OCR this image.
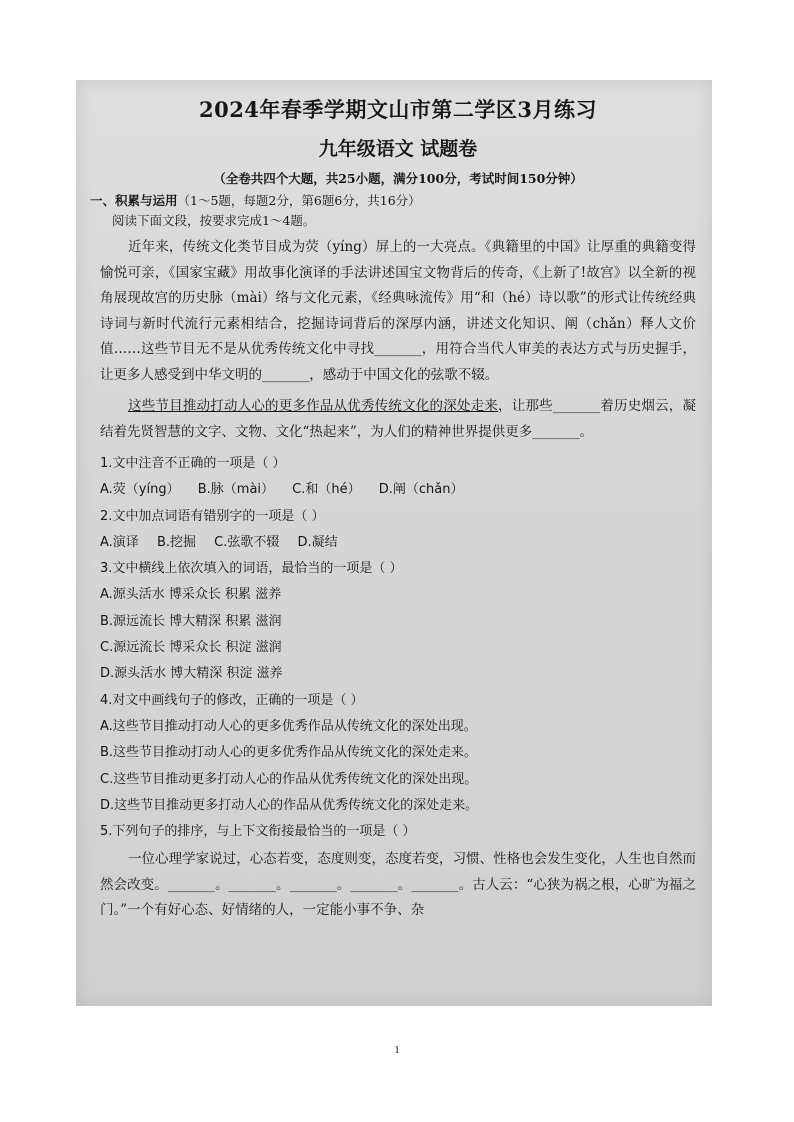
2024年春季学期文山市第二学区3月练习
九年级语文 试题卷
（全卷共四个大题，共25小题，满分100分，考试时间150分钟）
一、积累与运用（1～5题，每题2分，第6题6分，共16分）
阅读下面文段，按要求完成1～4题。
近年来，传统文化类节目成为荧（yíng）屏上的一大亮点。《典籍里的中国》让厚重的典籍变得愉悦可亲，《国家宝藏》用故事化演译的手法讲述国宝文物背后的传奇，《上新了!故宫》以全新的视角展现故宫的历史脉（mài）络与文化元素，《经典咏流传》用“和（hé）诗以歌”的形式让传统经典诗词与新时代流行元素相结合，挖掘诗词背后的深厚内涵，讲述文化知识、阐（chǎn）释人文价值……这些节目无不是从优秀传统文化中寻找_______，用符合当代人审美的表达方式与历史握手，让更多人感受到中华文明的_______，感动于中国文化的弦歌不辍。
这些节目推动打动人心的更多作品从优秀传统文化的深处走来，让那些_______着历史烟云，凝结着先贤智慧的文字、文物、文化“热起来”，为人们的精神世界提供更多_______。
1.文中注音不正确的一项是（ ）
A.荧（yíng） B.脉（mài） C.和（hé） D.阐（chǎn）
2.文中加点词语有错别字的一项是（ ）
A.演译 B.挖掘 C.弦歌不辍 D.凝结
3.文中横线上依次填入的词语，最恰当的一项是（ ）
A.源头活水 博采众长 积累 滋养
B.源远流长 博大精深 积累 滋润
C.源远流长 博采众长 积淀 滋润
D.源头活水 博大精深 积淀 滋养
4.对文中画线句子的修改，正确的一项是（ ）
A.这些节目推动打动人心的更多优秀作品从传统文化的深处出现。
B.这些节目推动打动人心的更多优秀作品从传统文化的深处走来。
C.这些节目推动更多打动人心的作品从优秀传统文化的深处出现。
D.这些节目推动更多打动人心的作品从优秀传统文化的深处走来。
5.下列句子的排序，与上下文衔接最恰当的一项是（ ）
一位心理学家说过，心态若变，态度则变，态度若变，习惯、性格也会发生变化，人生也自然而然会改变。_______。_______。_______。_______。_______。古人云：“心狭为祸之根，心旷为福之门。”一个有好心态、好情绪的人，一定能小事不争、杂
1
